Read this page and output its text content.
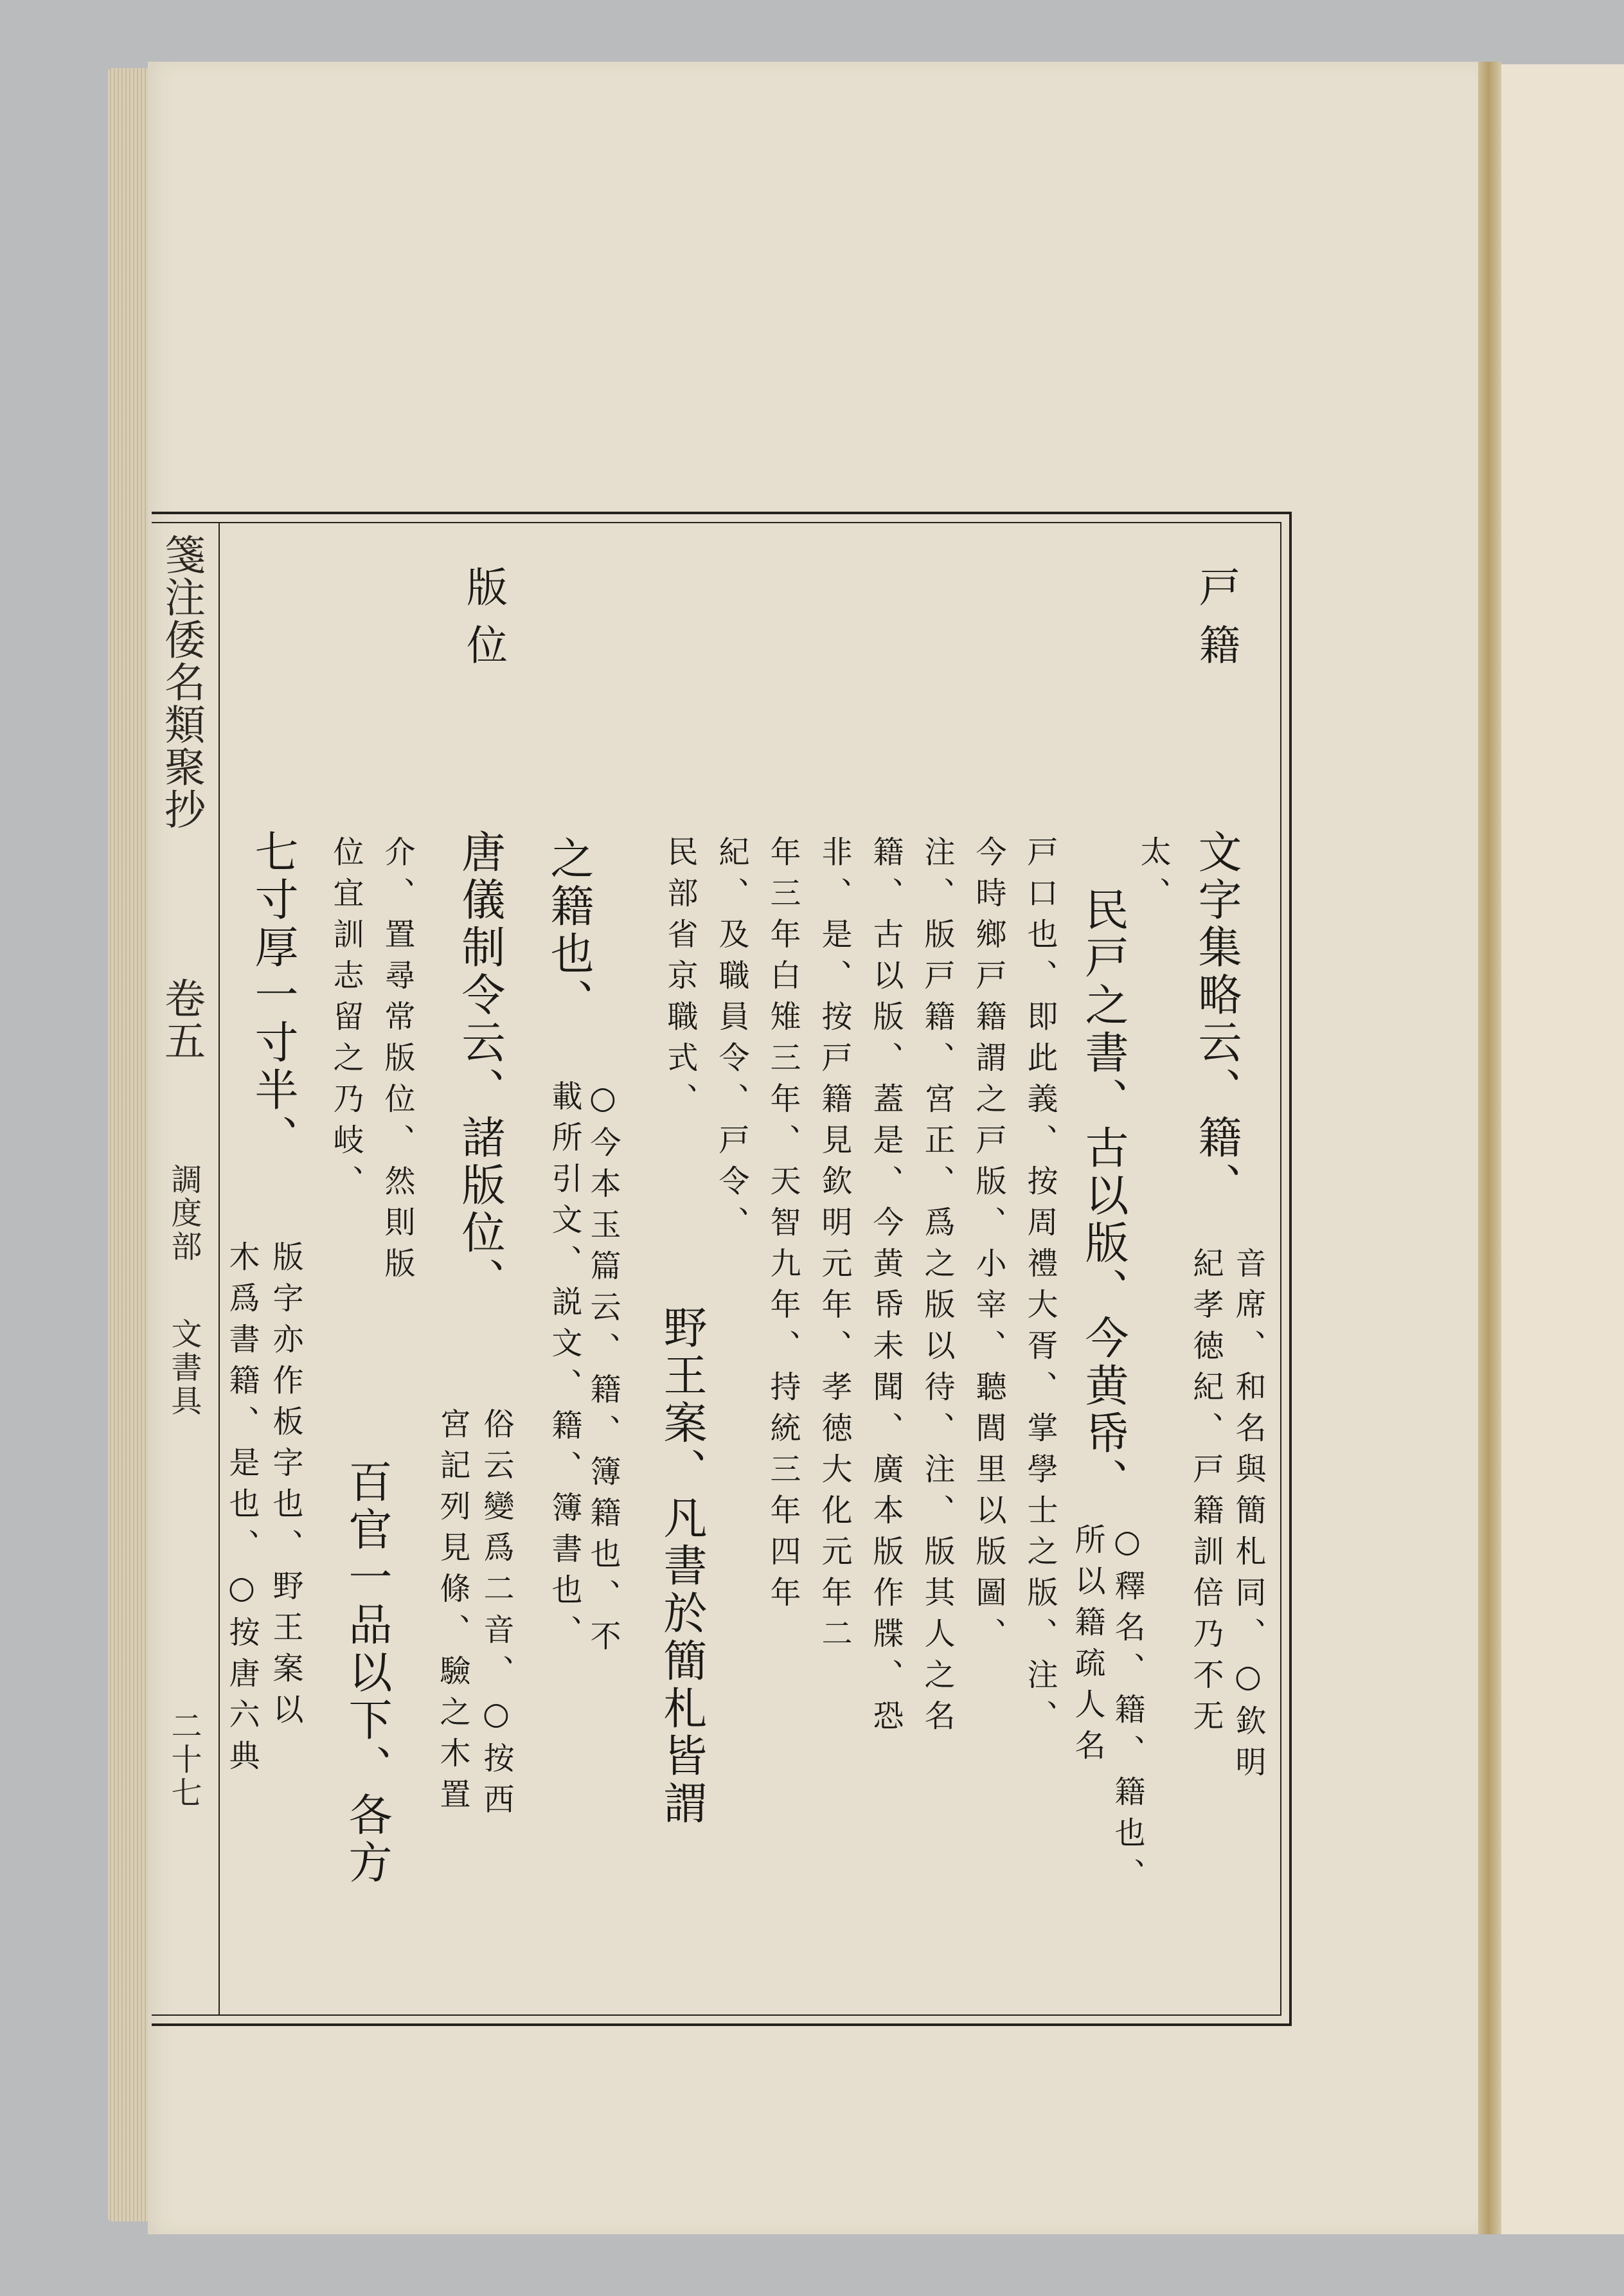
箋注倭名類聚抄
卷五
調度部
文書具
二十七
戸籍
文字集略云、籍、
音席、和名與簡札同、○欽明
紀孝徳紀、戸籍訓倍乃不无
太、
民戸之書、古以版、今黄帋、
○釋名、籍、籍也、
所以籍疏人名
戸口也、即此義、按周禮大胥、掌學士之版、注、
今時鄉戸籍謂之戸版、小宰、聽閭里以版圖、
注、版戸籍、宮正、爲之版以待、注、版其人之名
籍、古以版、蓋是、今黄帋未聞、廣本版作牒、恐
非、是、按戸籍見欽明元年、孝徳大化元年二
年三年白雉三年、天智九年、持統三年四年
紀、及職員令、戸令、
野王案、凡書於簡札皆謂
民部省京職式、
之籍也、
○今本玉篇云、籍、簿籍也、不
載所引文、説文、籍、簿書也、
版位
唐儀制令云、諸版位、
俗云變爲二音、○按西
宮記列見條、驗之木置
介、置尋常版位、然則版
百官一品以下、各方
位宜訓志留之乃岐、
七寸厚一寸半、
版字亦作板字也、野王案以
木爲書籍、是也、○按唐六典
